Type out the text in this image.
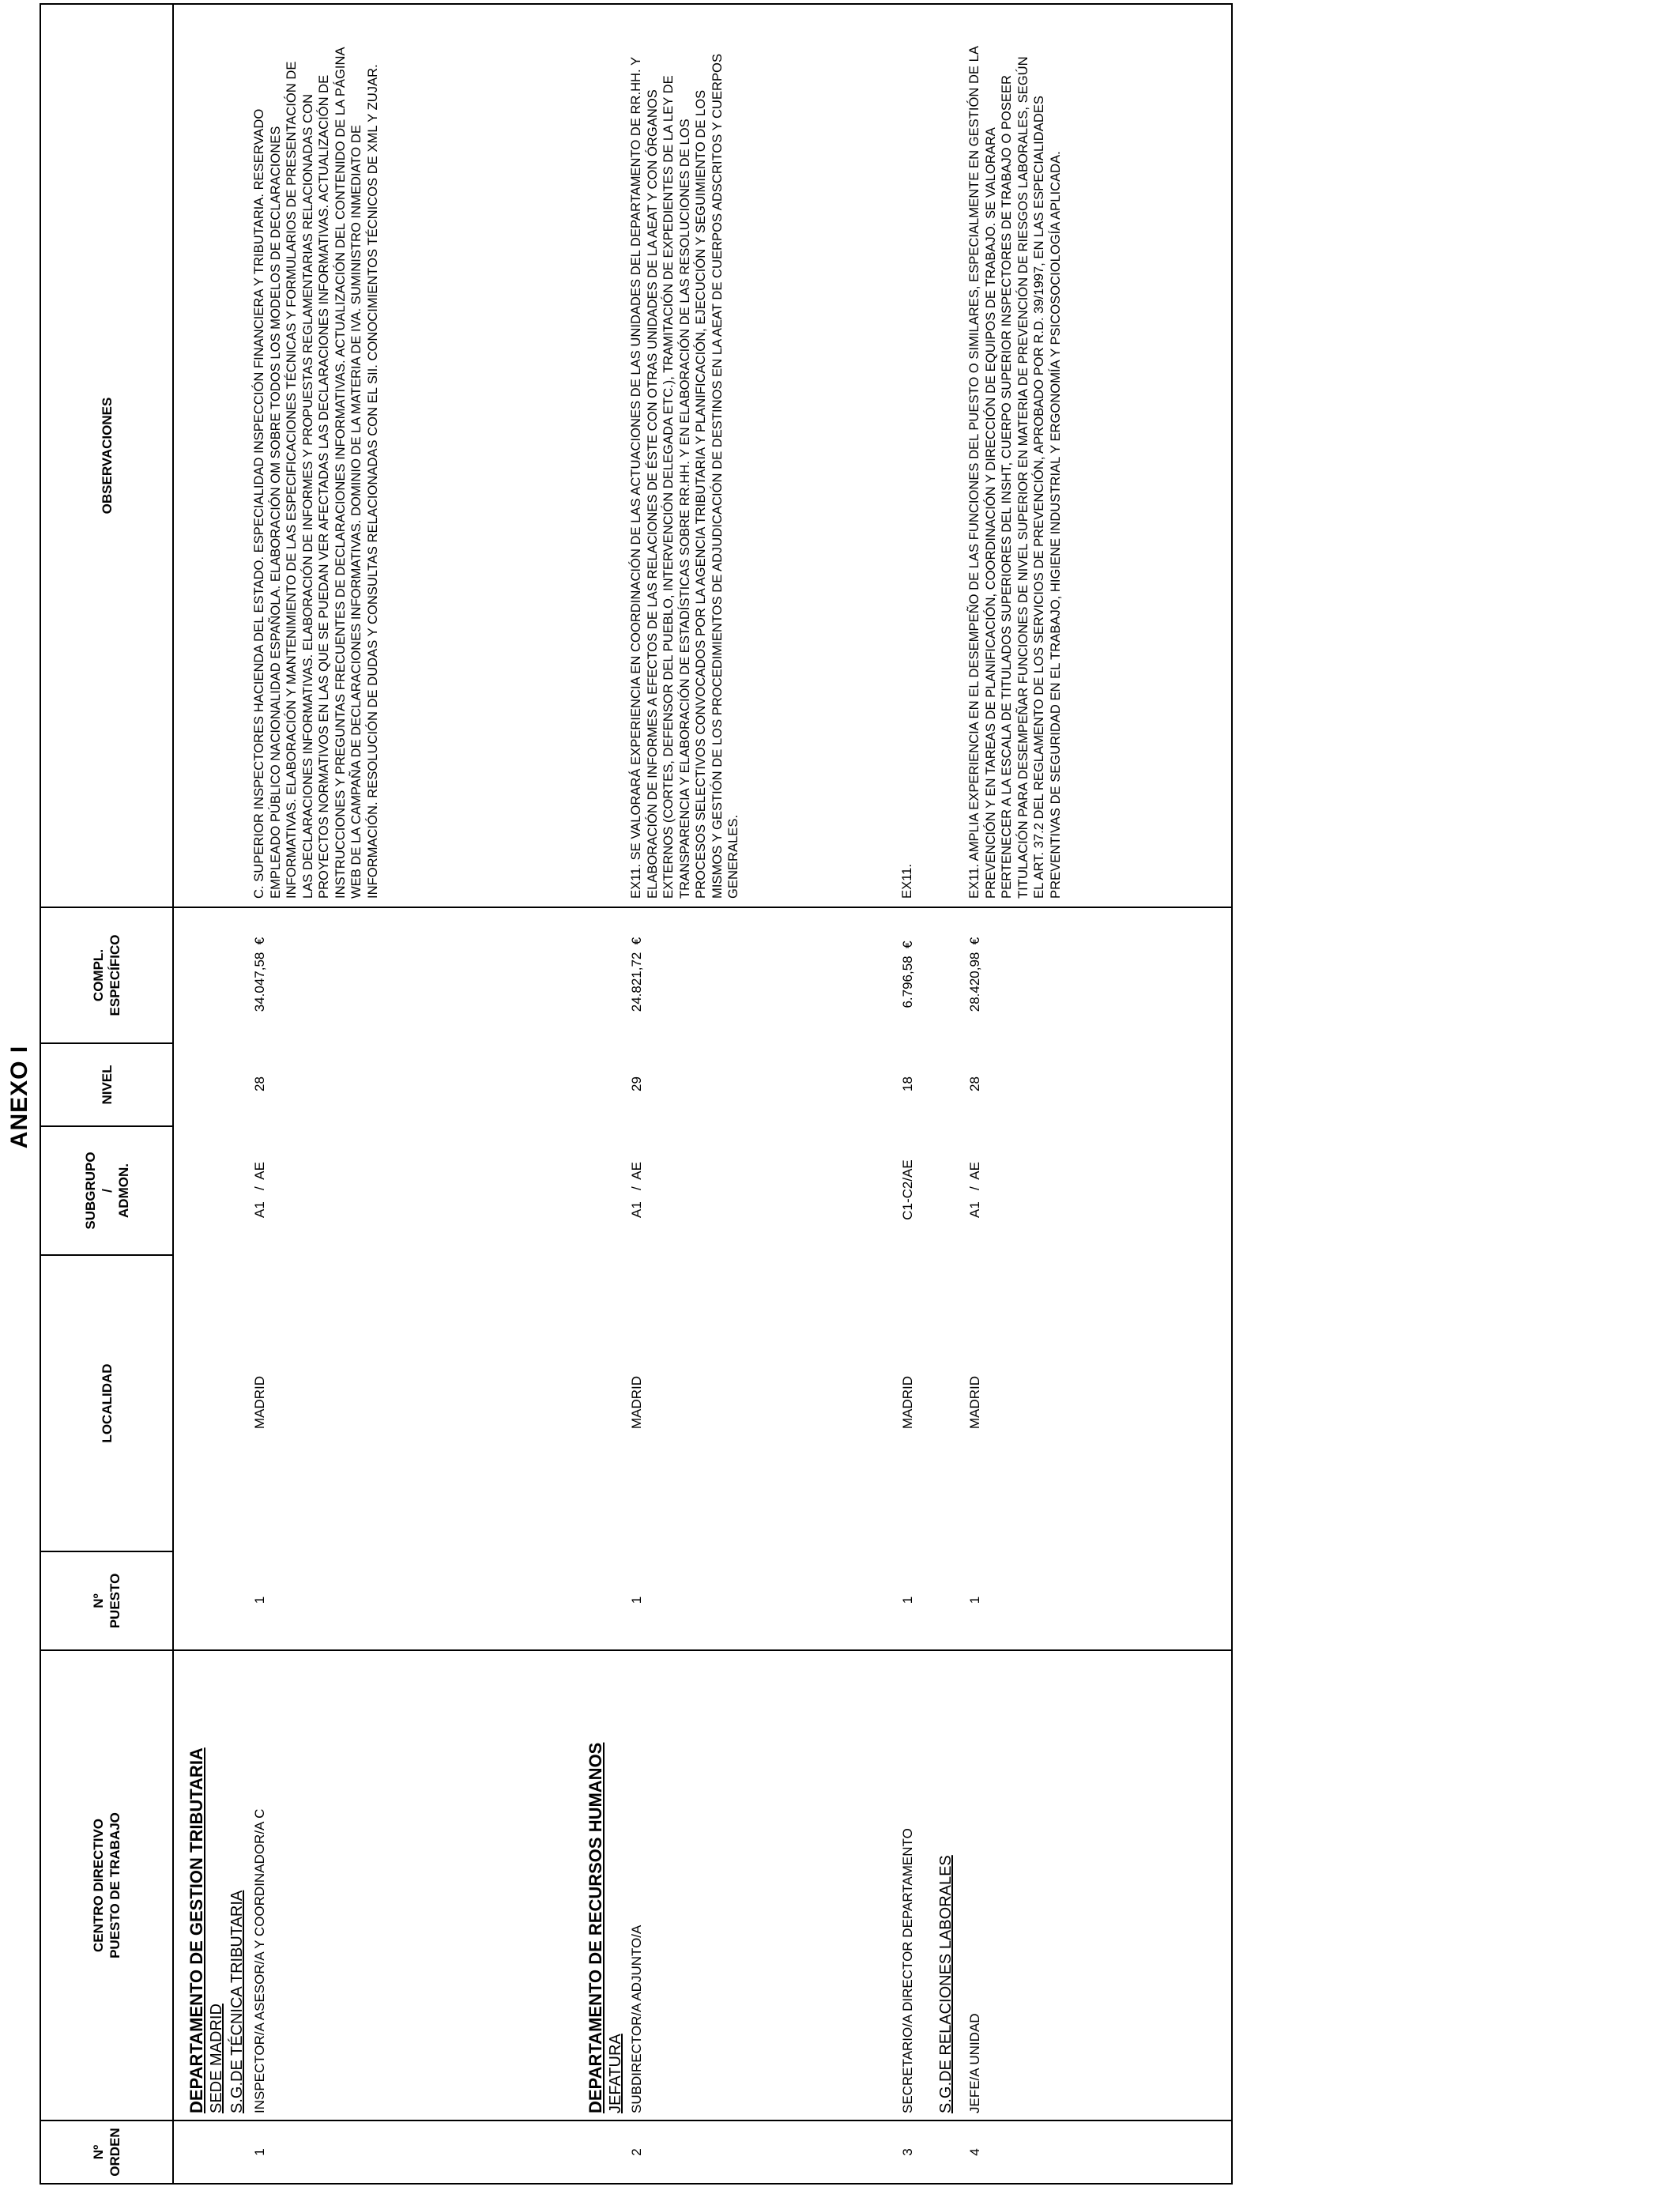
ANEXO I
Nº ORDEN
CENTRO DIRECTIVO PUESTO DE TRABAJO
Nº PUESTO
LOCALIDAD
SUBGRUPO / ADMON.
NIVEL
COMPL. ESPECÍFICO
OBSERVACIONES
DEPARTAMENTO DE GESTION TRIBUTARIA SEDE MADRID S.G.DE TÉCNICA TRIBUTARIA
1
INSPECTOR/A ASESOR/A Y COORDINADOR/A C
1
MADRID
A1   /  AE
28
34.047,58  €
C. SUPERIOR INSPECTORES HACIENDA DEL ESTADO. ESPECIALIDAD INSPECCIÓN FINANCIERA Y TRIBUTARIA. RESERVADO EMPLEADO PÚBLICO NACIONALIDAD ESPAÑOLA. ELABORACIÓN OM SOBRE TODOS LOS MODELOS DE DECLARACIONES INFORMATIVAS. ELABORACIÓN Y MANTENIMIENTO DE LAS ESPECIFICACIONES TÉCNICAS Y FORMULARIOS DE PRESENTACIÓN DE LAS DECLARACIONES INFORMATIVAS. ELABORACIÓN DE INFORMES Y PROPUESTAS REGLAMENTARIAS RELACIONADAS CON PROYECTOS NORMATIVOS EN LAS QUE SE PUEDAN VER AFECTADAS LAS DECLARACIONES INFORMATIVAS. ACTUALIZACIÓN DE INSTRUCCIONES Y PREGUNTAS FRECUENTES DE DECLARACIONES INFORMATIVAS. ACTUALIZACIÓN DEL CONTENIDO DE LA PÁGINA WEB DE LA CAMPAÑA DE DECLARACIONES INFORMATIVAS. DOMINIO DE LA MATERIA DE IVA. SUMINISTRO INMEDIATO DE INFORMACIÓN. RESOLUCIÓN DE DUDAS Y CONSULTAS RELACIONADAS CON EL SII. CONOCIMIENTOS TÉCNICOS DE XML Y ZUJAR.
DEPARTAMENTO DE RECURSOS HUMANOS JEFATURA
2
SUBDIRECTOR/A ADJUNTO/A
1
MADRID
A1   /  AE
29
24.821,72  €
EX11. SE VALORARÁ EXPERIENCIA EN COORDINACIÓN DE LAS ACTUACIONES DE LAS UNIDADES DEL DEPARTAMENTO DE RR.HH. Y ELABORACIÓN DE INFORMES A EFECTOS DE LAS RELACIONES DE ÉSTE CON OTRAS UNIDADES DE LA AEAT Y CON ÓRGANOS EXTERNOS (CORTES, DEFENSOR DEL PUEBLO, INTERVENCIÓN DELEGADA ETC.), TRAMITACIÓN DE EXPEDIENTES DE LA LEY DE TRANSPARENCIA Y ELABORACIÓN DE ESTADÍSTICAS SOBRE RR.HH. Y EN ELABORACIÓN DE LAS RESOLUCIONES DE LOS PROCESOS SELECTIVOS CONVOCADOS POR LA AGENCIA TRIBUTARIA Y PLANIFICACIÓN, EJECUCIÓN Y SEGUIMIENTO DE LOS MISMOS Y GESTIÓN DE LOS PROCEDIMIENTOS DE ADJUDICACIÓN DE DESTINOS EN LA AEAT DE CUERPOS ADSCRITOS Y CUERPOS GENERALES.
3
SECRETARIO/A DIRECTOR DEPARTAMENTO
1
MADRID
C1-C2/AE
18
6.796,58  €
EX11.
S.G.DE RELACIONES LABORALES
4
JEFE/A UNIDAD
1
MADRID
A1   /  AE
28
28.420,98  €
EX11. AMPLIA EXPERIENCIA EN EL DESEMPEÑO DE LAS FUNCIONES DEL PUESTO O SIMILARES, ESPECIALMENTE EN GESTIÓN DE LA PREVENCIÓN Y EN TAREAS DE PLANIFICACIÓN, COORDINACIÓN Y DIRECCIÓN DE EQUIPOS DE TRABAJO. SE VALORARA PERTENECER A LA ESCALA DE TITULADOS SUPERIORES DEL INSHT, CUERPO SUPERIOR INSPECTORES DE TRABAJO O POSEER TITULACIÓN PARA DESEMPEÑAR FUNCIONES DE NIVEL SUPERIOR EN MATERIA DE PREVENCIÓN DE RIESGOS LABORALES, SEGÚN EL ART. 37.2 DEL REGLAMENTO DE LOS SERVICIOS DE PREVENCIÓN, APROBADO POR R.D. 39/1997, EN LAS ESPECIALIDADES PREVENTIVAS DE SEGURIDAD EN EL TRABAJO, HIGIENE INDUSTRIAL Y ERGONOMÍA Y PSICOSOCIOLOGÍA APLICADA.
